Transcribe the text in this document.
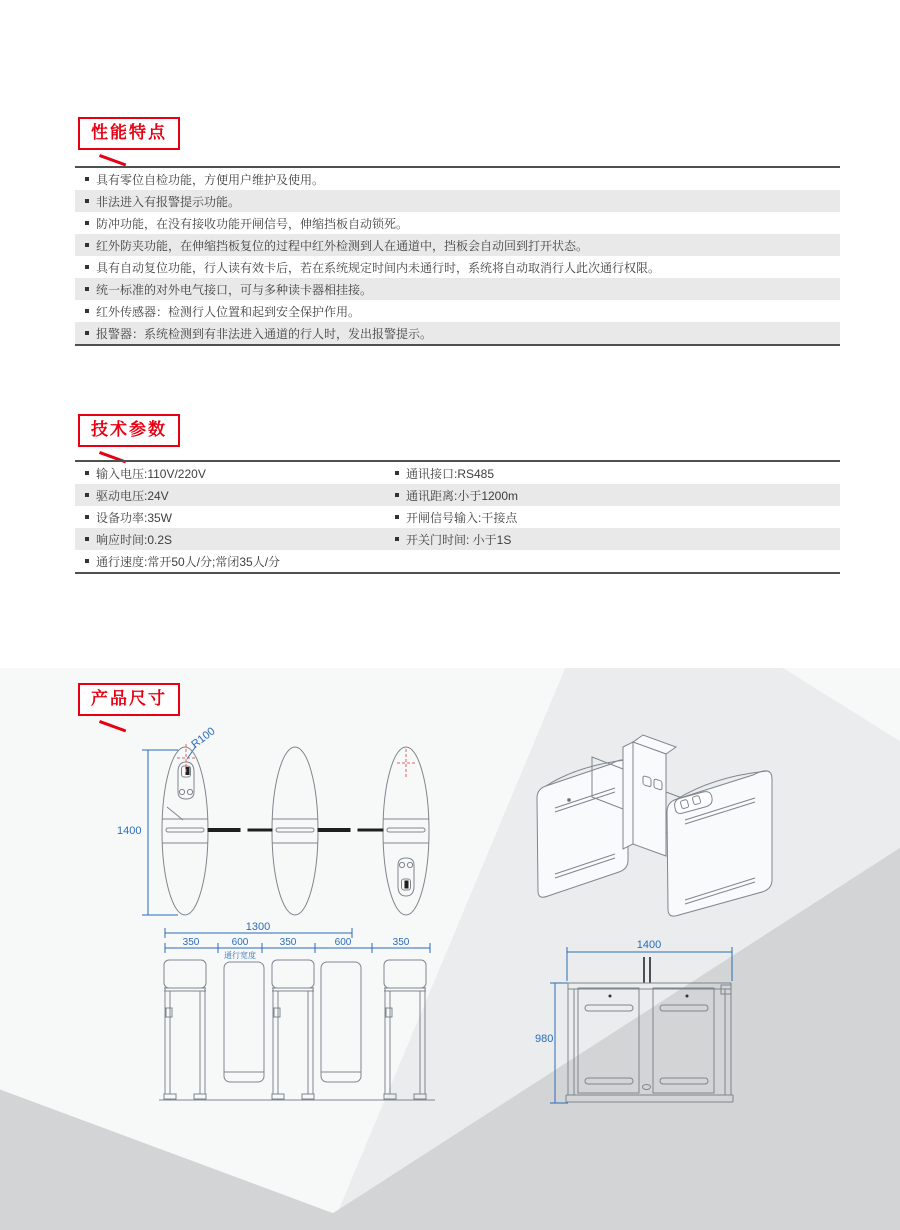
性能特点
具有零位自检功能，方便用户维护及使用。
非法进入有报警提示功能。
防冲功能，在没有接收功能开闸信号，伸缩挡板自动锁死。
红外防夹功能，在伸缩挡板复位的过程中红外检测到人在通道中，挡板会自动回到打开状态。
具有自动复位功能，行人读有效卡后，若在系统规定时间内未通行时，系统将自动取消行人此次通行权限。
统一标准的对外电气接口，可与多种读卡器相挂接。
红外传感器：检测行人位置和起到安全保护作用。
报警器：系统检测到有非法进入通道的行人时，发出报警提示。
技术参数
输入电压:110V/220V	通讯接口:RS485
驱动电压:24V	通讯距离:小于1200m
设备功率:35W	开闸信号输入:干接点
响应时间:0.2S	开关门时间: 小于1S
通行速度:常开50人/分;常闭35人/分
产品尺寸
1400
R100
1300
350	600	350	600	350
通行宽度
1400
980
